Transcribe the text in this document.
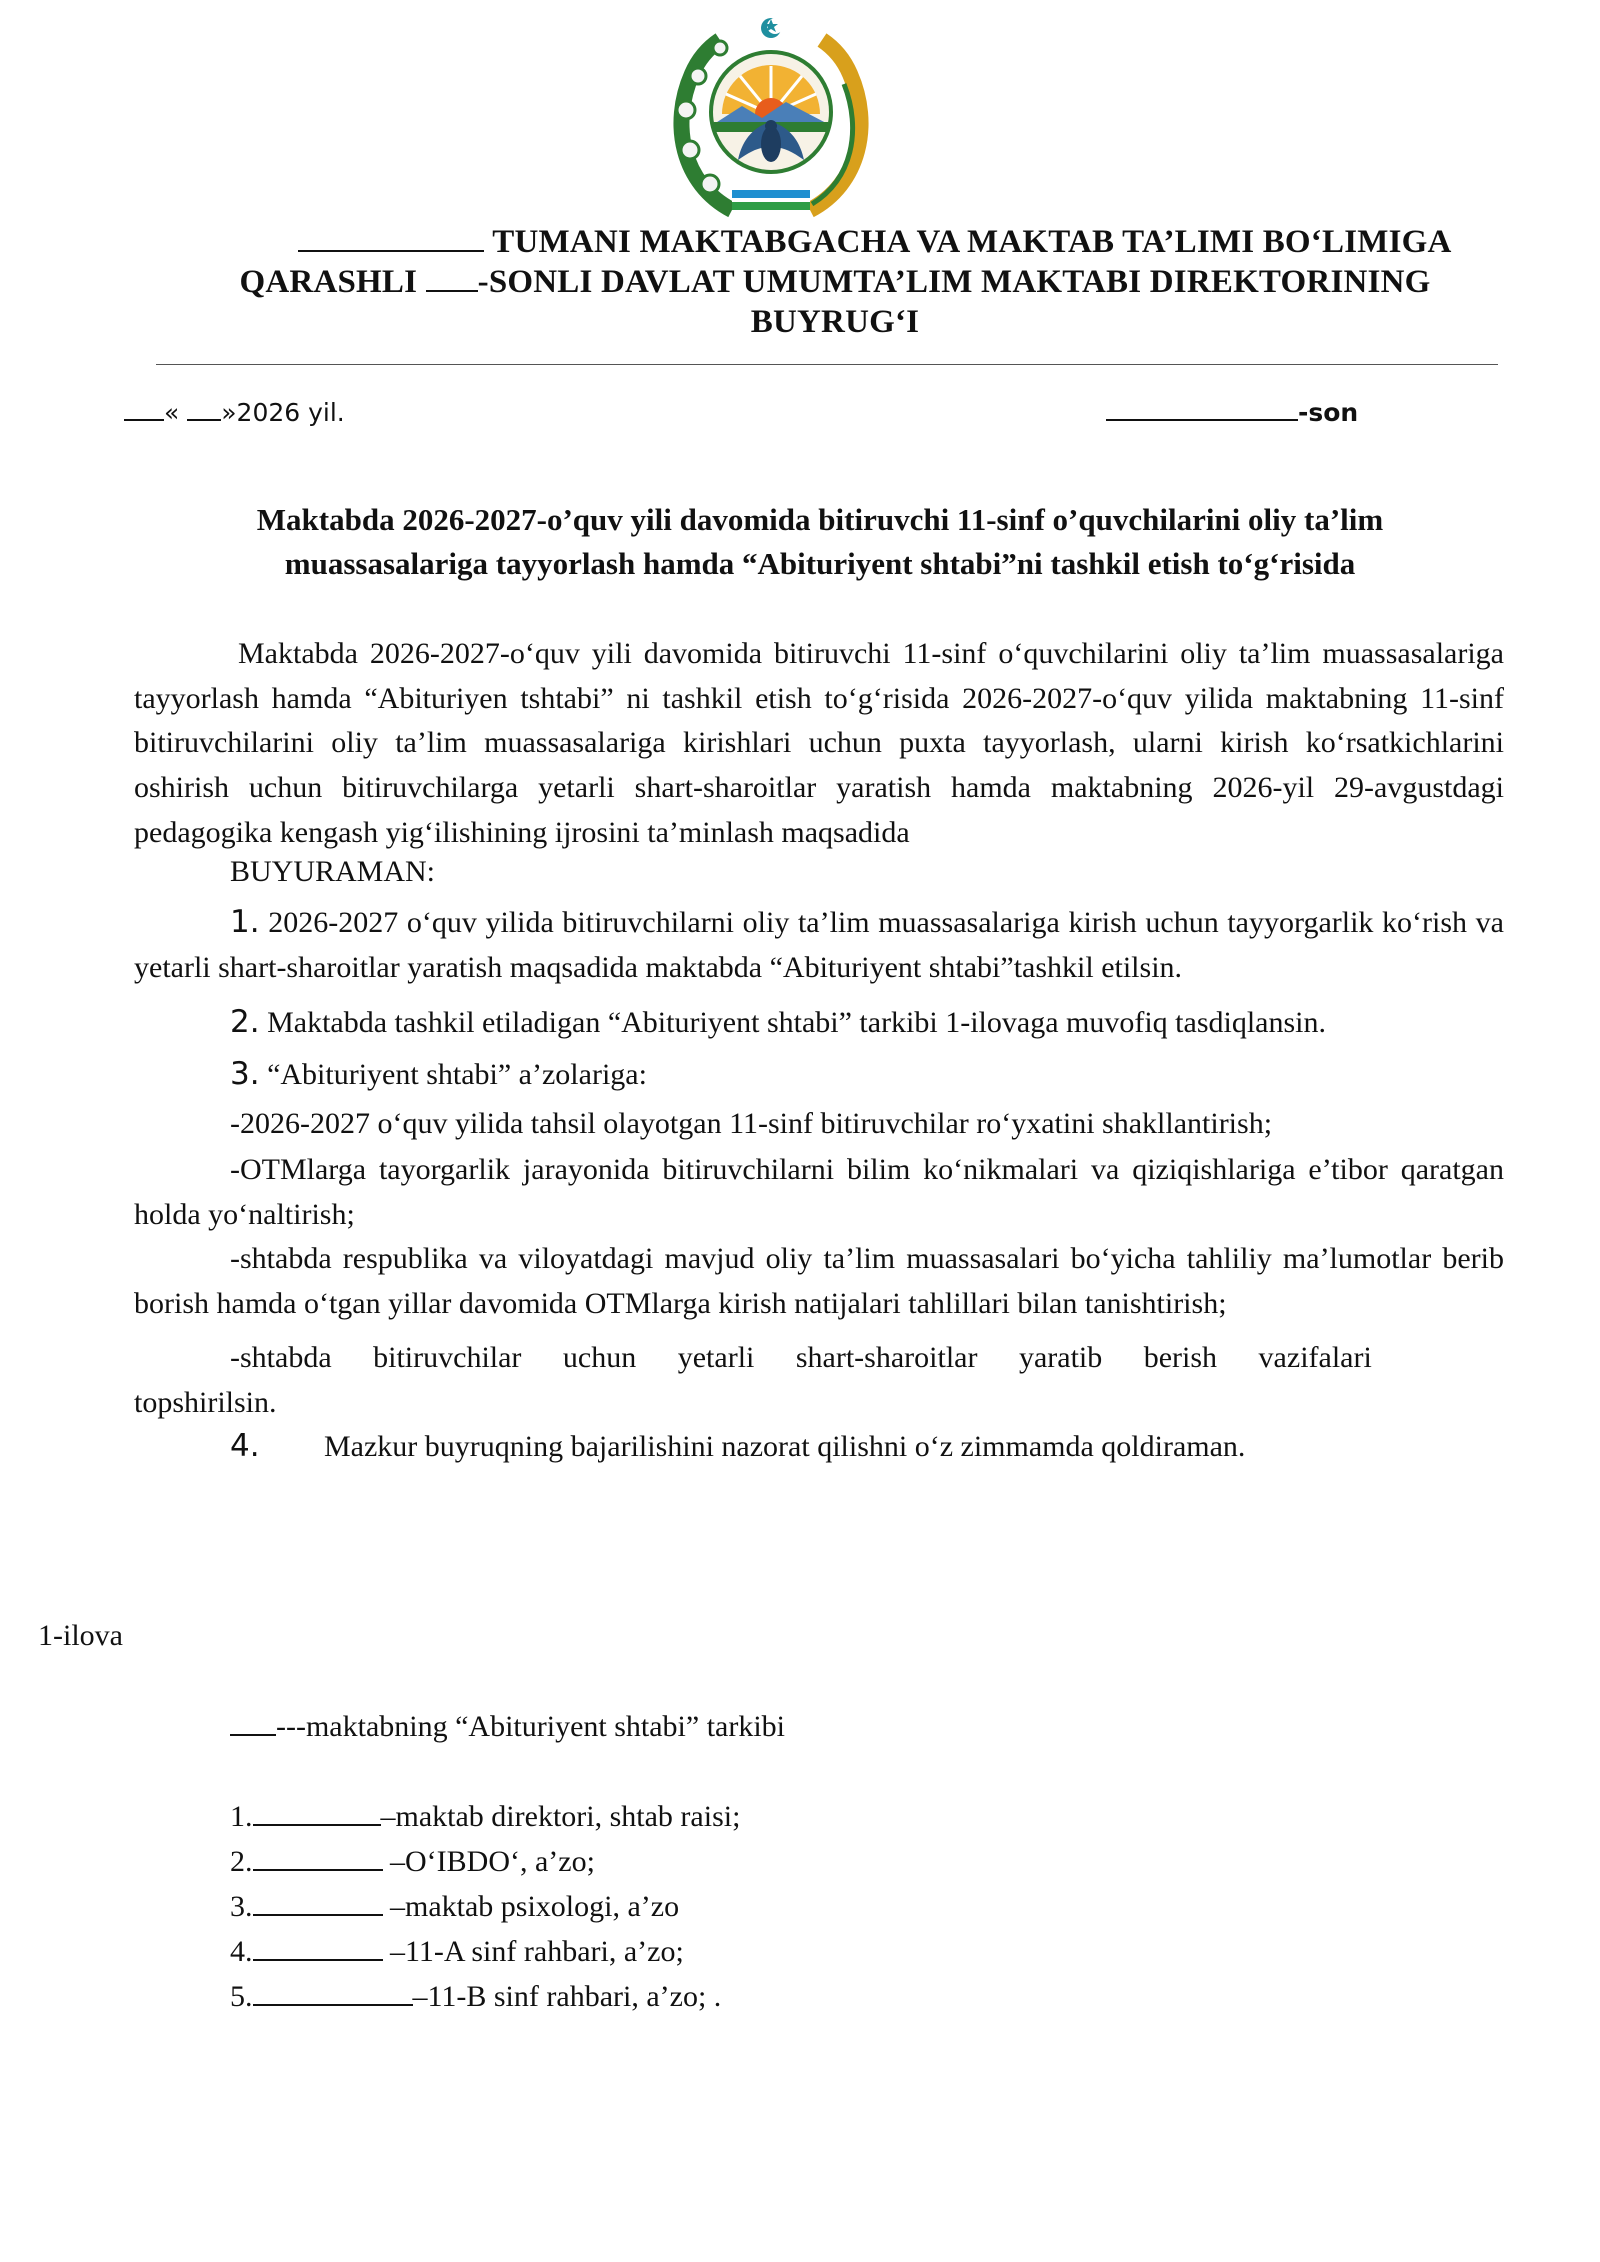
TUMANI MAKTABGACHA VA MAKTAB TA’LIMI BO‘LIMIGA
QARASHLI -SONLI DAVLAT UMUMTA’LIM MAKTABI DIREKTORINING
BUYRUG‘I
« »2026 yil.	-son
Maktabda 2026-2027-o’quv yili davomida bitiruvchi 11-sinf o’quvchilarini oliy ta’lim
muassasalariga tayyorlash hamda “Abituriyent shtabi”ni tashkil etish to‘g‘risida

Maktabda 2026-2027-o‘quv yili davomida bitiruvchi 11-sinf o‘quvchilarini oliy ta’lim muassasalariga tayyorlash hamda “Abituriyen tshtabi” ni tashkil etish to‘g‘risida 2026-2027-o‘quv yilida maktabning 11-sinf bitiruvchilarini oliy ta’lim muassasalariga kirishlari uchun puxta tayyorlash, ularni kirish ko‘rsatkichlarini oshirish uchun bitiruvchilarga yetarli shart-sharoitlar yaratish hamda maktabning 2026-yil 29-avgustdagi pedagogika kengash yig‘ilishining ijrosini ta’minlash maqsadida

BUYURAMAN:

1. 2026-2027 o‘quv yilida bitiruvchilarni oliy ta’lim muassasalariga kirish uchun tayyorgarlik ko‘rish va yetarli shart-sharoitlar yaratish maqsadida maktabda “Abituriyent shtabi”tashkil etilsin.

2. Maktabda tashkil etiladigan “Abituriyent shtabi” tarkibi 1-ilovaga muvofiq tasdiqlansin.

3. “Abituriyent shtabi” a’zolariga:

-2026-2027 o‘quv yilida tahsil olayotgan 11-sinf bitiruvchilar ro‘yxatini shakllantirish;

-OTMlarga tayorgarlik jarayonida bitiruvchilarni bilim ko‘nikmalari va qiziqishlariga e’tibor qaratgan holda yo‘naltirish;

-shtabda respublika va viloyatdagi mavjud oliy ta’lim muassasalari bo‘yicha tahliliy ma’lumotlar berib borish hamda o‘tgan yillar davomida OTMlarga kirish natijalari tahlillari bilan tanishtirish;

-shtabda bitiruvchilar uchun yetarli shart-sharoitlar yaratib berish vazifalari
topshirilsin.

4. Mazkur buyruqning bajarilishini nazorat qilishni o‘z zimmamda qoldiraman.

1-ilova
---maktabning “Abituriyent shtabi” tarkibi
1.	–maktab direktori, shtab raisi;
2.	–O‘IBDO‘, a’zo;
3.	–maktab psixologi, a’zo
4.	–11-A sinf rahbari, a’zo;
5.	–11-B sinf rahbari, a’zo; .
